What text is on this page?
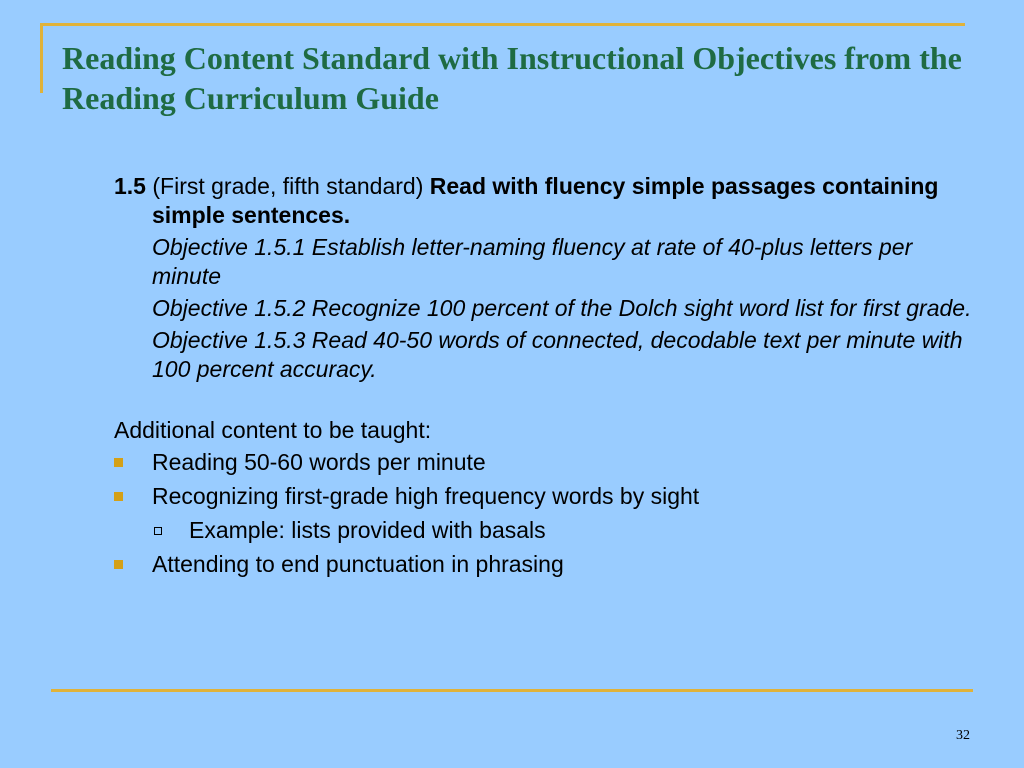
Reading Content Standard with Instructional Objectives from the Reading Curriculum Guide

1.5 (First grade, fifth standard) Read with fluency simple passages containing simple sentences.

Objective 1.5.1 Establish letter-naming fluency at rate of 40-plus letters per minute

Objective 1.5.2 Recognize 100 percent of the Dolch sight word list for first grade.

Objective 1.5.3 Read 40-50 words of connected, decodable text per minute with 100 percent accuracy.

Additional content to be taught:

Reading 50-60 words per minute
Recognizing first-grade high frequency words by sight
Example: lists provided with basals
Attending to end punctuation in phrasing
32
